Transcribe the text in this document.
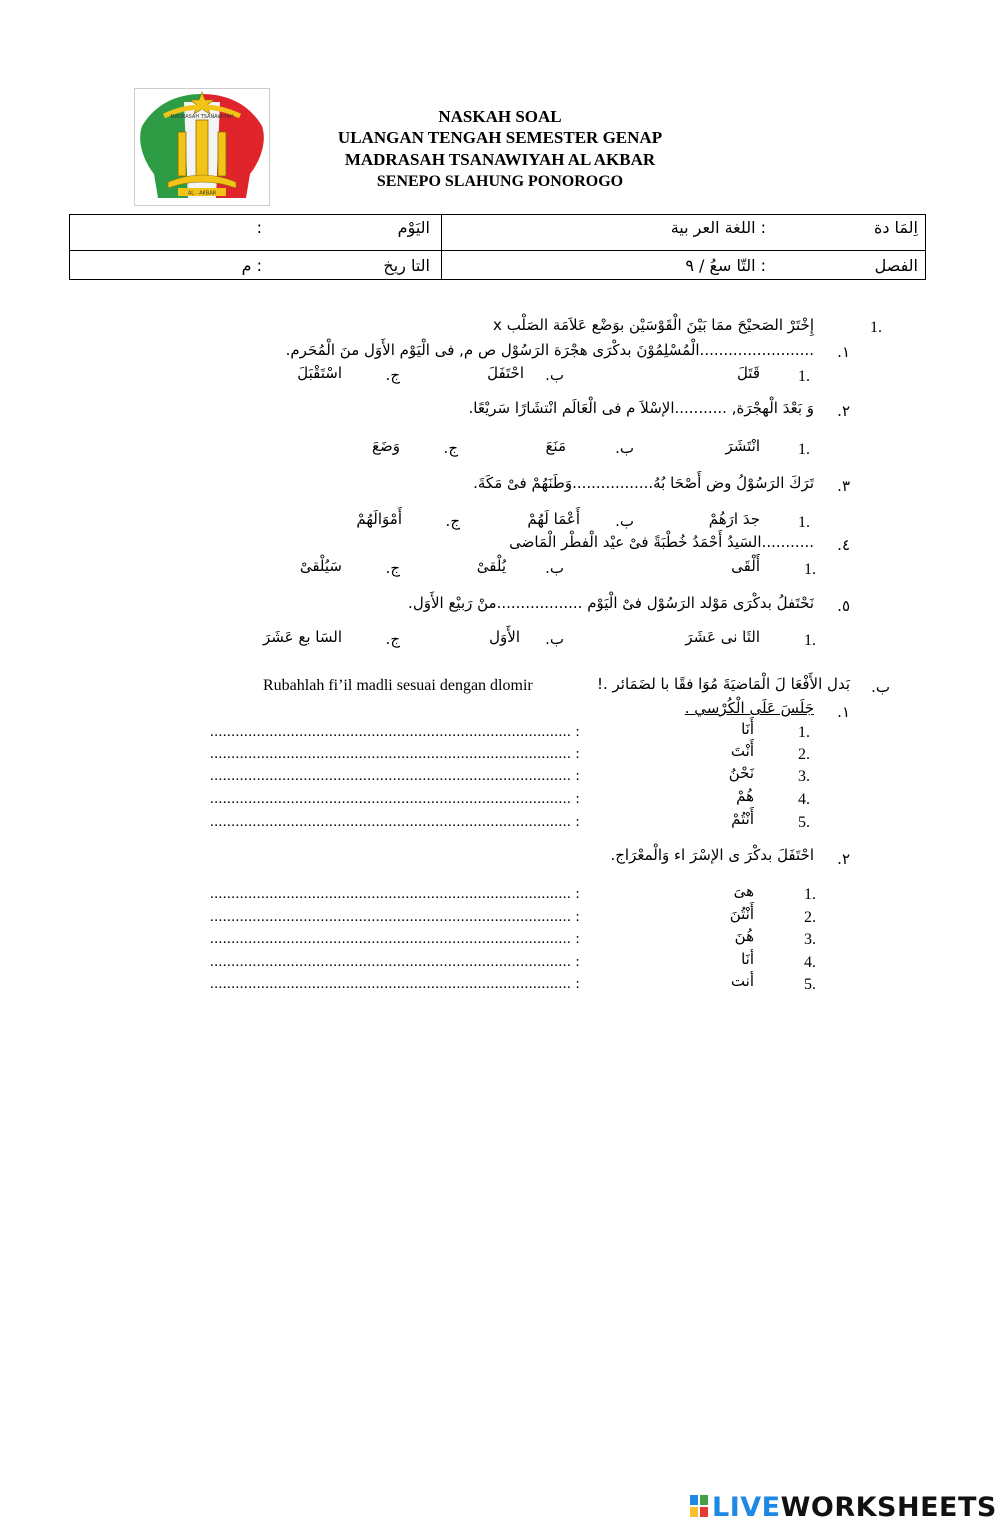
MADRASAH TSANAWIYAH
AL - AKBAR
NASKAH SOAL
ULANGAN TENGAH SEMESTER GENAP
MADRASAH TSANAWIYAH AL AKBAR
SENEPO SLAHUNG PONOROGO
اِلمَا دة
: اللغة العر بية
الفصل
: التّا سعُ / ٩
اليَوْم
:
التا ريخ
: م
1.
إِخْتَرْ الصَحيْحَ ممَا بَيْنَ الْقَوْسَيْن بوَضْع عَلاَمَة الصَلْب x
١.
........................الْمُسْلِمُوْنَ بدكْرَى هجْرَة الرَسُوْل ص م, فى الْيَوْم الأَوَل منَ الْمُحَرم.
1.
قَتَلَ
ب.
احْتَفَلَ
ج.
اسْتَقْبَلَ
٢.
وَ بَعْدَ الْهجْرَة, ...........الإسْلاَ م فى الْعَالَم انْتشَارًا سَريْعًا.
1.
انْتَشَرَ
ب.
مَنَعَ
ج.
وَضَعَ
٣.
تَرَكَ الرَسُوْلُ وض أَصْحَا بُهُ.................وَطَنَهُمْ فىْ مَكَةَ.
1.
جدَ ارَهُمْ
ب.
أَعْمَا لَهُمْ
ج.
أَمْوَالَهُمْ
٤.
...........السَيدُ أَحْمَدُ خُطْبَةً فىْ عيْد الْفطْر الْمَاضى
1.
أَلْقَى
ب.
يُلْقىْ
ج.
سَيُلْقىْ
٥.
نَحْتَفلُ بدكْرَى مَوْلد الرَسُوْل فىْ الْيَوْم ..................منْ رَبيْع الأَوَل.
1.
الثَا نى عَشَرَ
ب.
الأَوَل
ج.
السَا بع عَشَرَ
ب.
بَدل الأَفْعَا لَ الْمَاضيَةَ مُوَا فقًا با لضَمَائر .!
Rubahlah fi’il madli sesuai dengan dlomir
١.
جَلَسَ عَلَى الْكُرْسي .
1.
أَنَا
..................................................................................... :
2.
أَنْتَ
..................................................................................... :
3.
نَحْنُ
..................................................................................... :
4.
هُمْ
..................................................................................... :
5.
أَنْتُمْ
..................................................................................... :
٢.
احْتَفَلَ بدكْرَ ى الإسْرَ اء وَالْمعْرَاج.
1.
هىَ
..................................................................................... :
2.
أَنْتُنَ
..................................................................................... :
3.
هُنَ
..................................................................................... :
4.
أنَا
..................................................................................... :
5.
أنت
..................................................................................... :
LIVEWORKSHEETS
